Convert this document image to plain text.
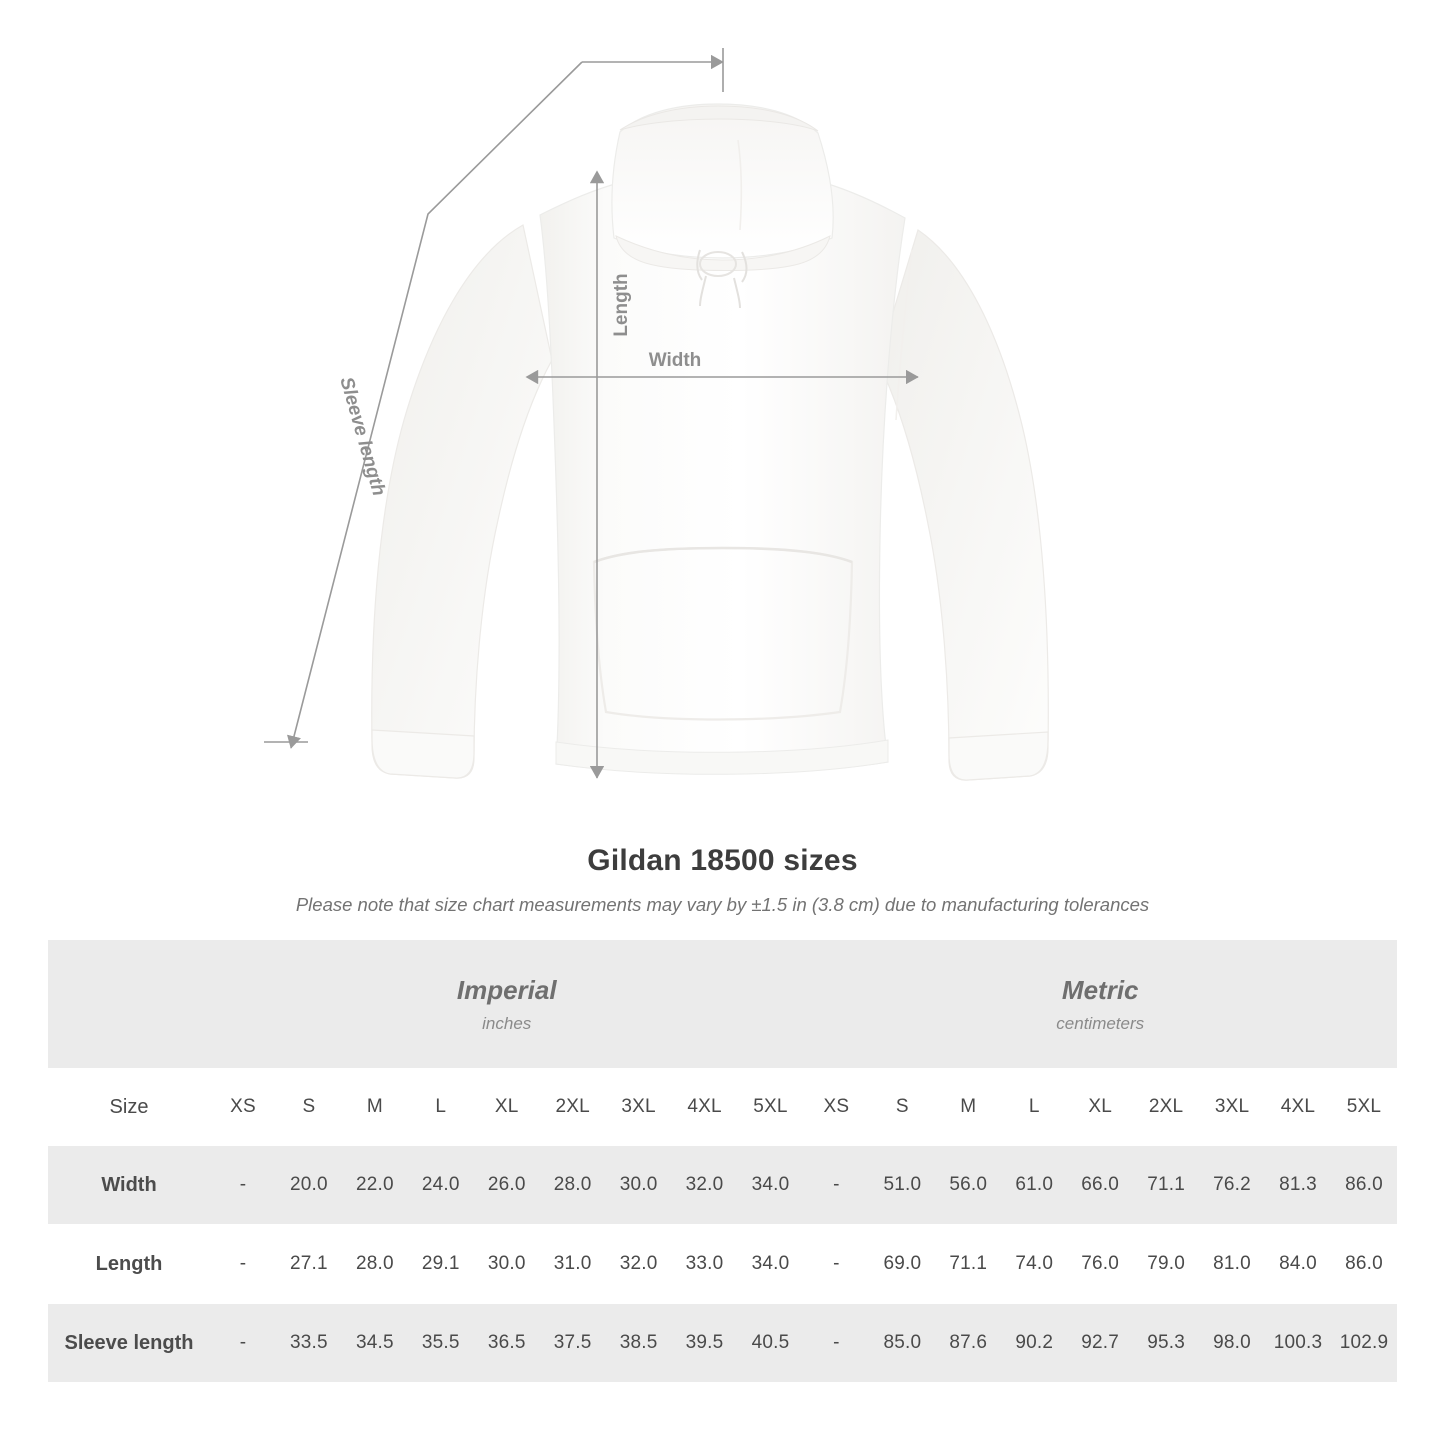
Length
Width
Sleeve length
Gildan 18500 sizes
Please note that size chart measurements may vary by ±1.5 in (3.8 cm) due to manufacturing tolerances

Imperial
inches

Metric
centimeters

Size	XS	S	M	L	XL	2XL	3XL	4XL	5XL	XS	S	M	L	XL	2XL	3XL	4XL	5XL
Width	-	20.0	22.0	24.0	26.0	28.0	30.0	32.0	34.0	-	51.0	56.0	61.0	66.0	71.1	76.2	81.3	86.0

Length	-	27.1	28.0	29.1	30.0	31.0	32.0	33.0	34.0	-	69.0	71.1	74.0	76.0	79.0	81.0	84.0	86.0

Sleeve length	-	33.5	34.5	35.5	36.5	37.5	38.5	39.5	40.5	-	85.0	87.6	90.2	92.7	95.3	98.0	100.3	102.9
